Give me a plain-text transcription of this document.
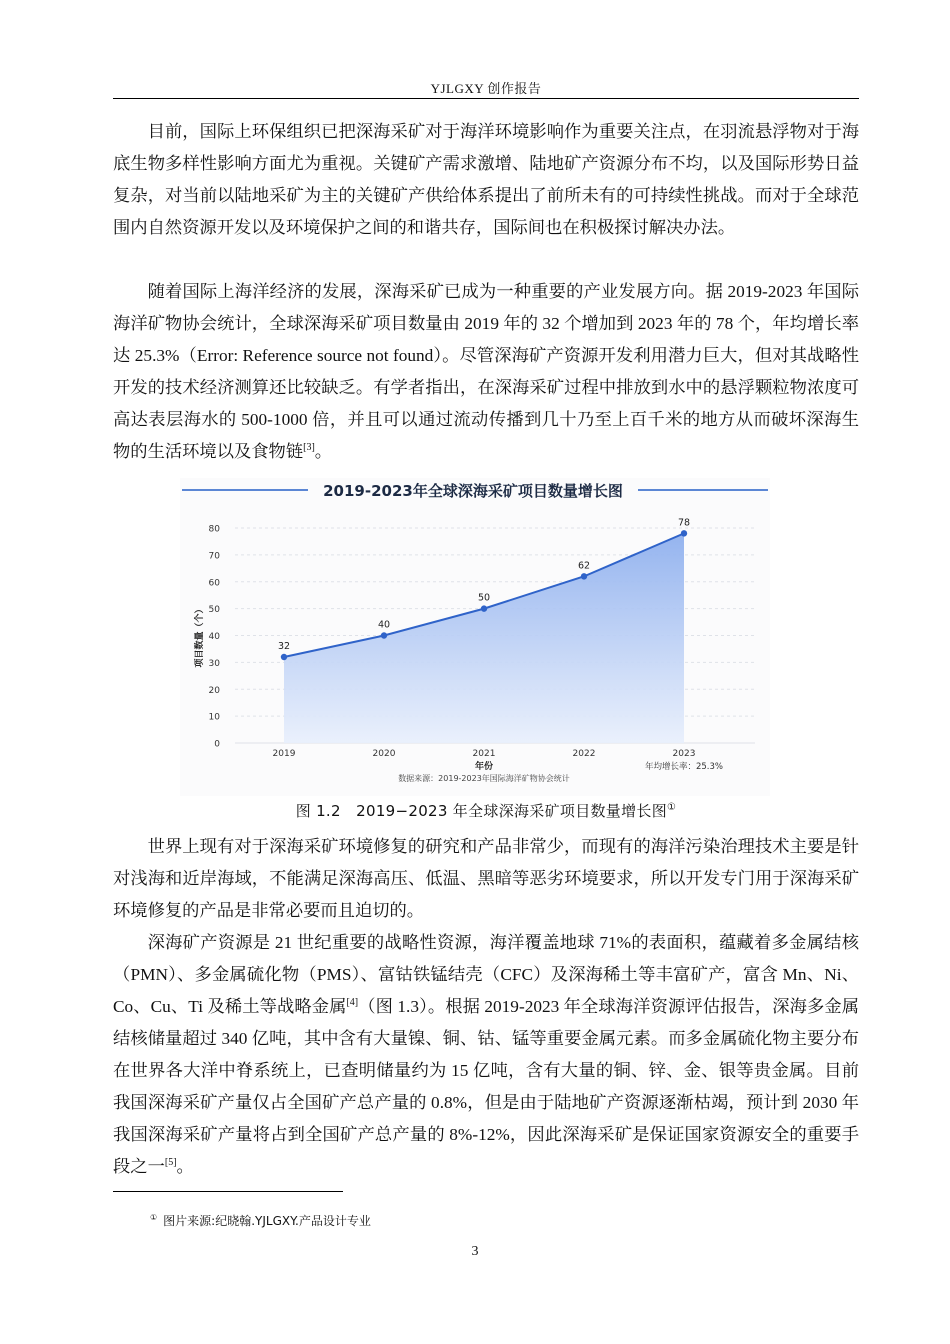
YJLGXY 创作报告

目前，国际上环保组织已把深海采矿对于海洋环境影响作为重要关注点，在羽流悬浮物对于海底生物多样性影响方面尤为重视。关键矿产需求激增、陆地矿产资源分布不均，以及国际形势日益复杂，对当前以陆地采矿为主的关键矿产供给体系提出了前所未有的可持续性挑战。而对于全球范围内自然资源开发以及环境保护之间的和谐共存，国际间也在积极探讨解决办法。

随着国际上海洋经济的发展，深海采矿已成为一种重要的产业发展方向。据 2019-2023 年国际海洋矿物协会统计，全球深海采矿项目数量由 2019 年的 32 个增加到 2023 年的 78 个，年均增长率达 25.3%（Error: Reference source not found）。尽管深海矿产资源开发利用潜力巨大，但对其战略性开发的技术经济测算还比较缺乏。有学者指出，在深海采矿过程中排放到水中的悬浮颗粒物浓度可高达表层海水的 500-1000 倍，并且可以通过流动传播到几十乃至上百千米的地方从而破坏深海生物的生活环境以及食物链[3]。

2019-2023年全球深海采矿项目数量增长图
0
10
20
30
40
50
60
70
80
项目数量（个）	32
40
50
62
78
2019	2020	2021	2022	2023
年份
数据来源：2019-2023年国际海洋矿物协会统计
年均增长率：25.3%
图 1.2　2019−2023 年全球深海采矿项目数量增长图①

世界上现有对于深海采矿环境修复的研究和产品非常少，而现有的海洋污染治理技术主要是针对浅海和近岸海域，不能满足深海高压、低温、黑暗等恶劣环境要求，所以开发专门用于深海采矿环境修复的产品是非常必要而且迫切的。

深海矿产资源是 21 世纪重要的战略性资源，海洋覆盖地球 71%的表面积，蕴藏着多金属结核（PMN）、多金属硫化物（PMS）、富钴铁锰结壳（CFC）及深海稀土等丰富矿产，富含 Mn、Ni、Co、Cu、Ti 及稀土等战略金属[4]（图 1.3）。根据 2019-2023 年全球海洋资源评估报告，深海多金属结核储量超过 340 亿吨，其中含有大量镍、铜、钴、锰等重要金属元素。而多金属硫化物主要分布在世界各大洋中脊系统上，已查明储量约为 15 亿吨，含有大量的铜、锌、金、银等贵金属。目前我国深海采矿产量仅占全国矿产总产量的 0.8%，但是由于陆地矿产资源逐渐枯竭，预计到 2030 年我国深海采矿产量将占到全国矿产总产量的 8%-12%，因此深海采矿是保证国家资源安全的重要手段之一[5]。

① 图片来源:纪晓翰.YJLGXY.产品设计专业
3
